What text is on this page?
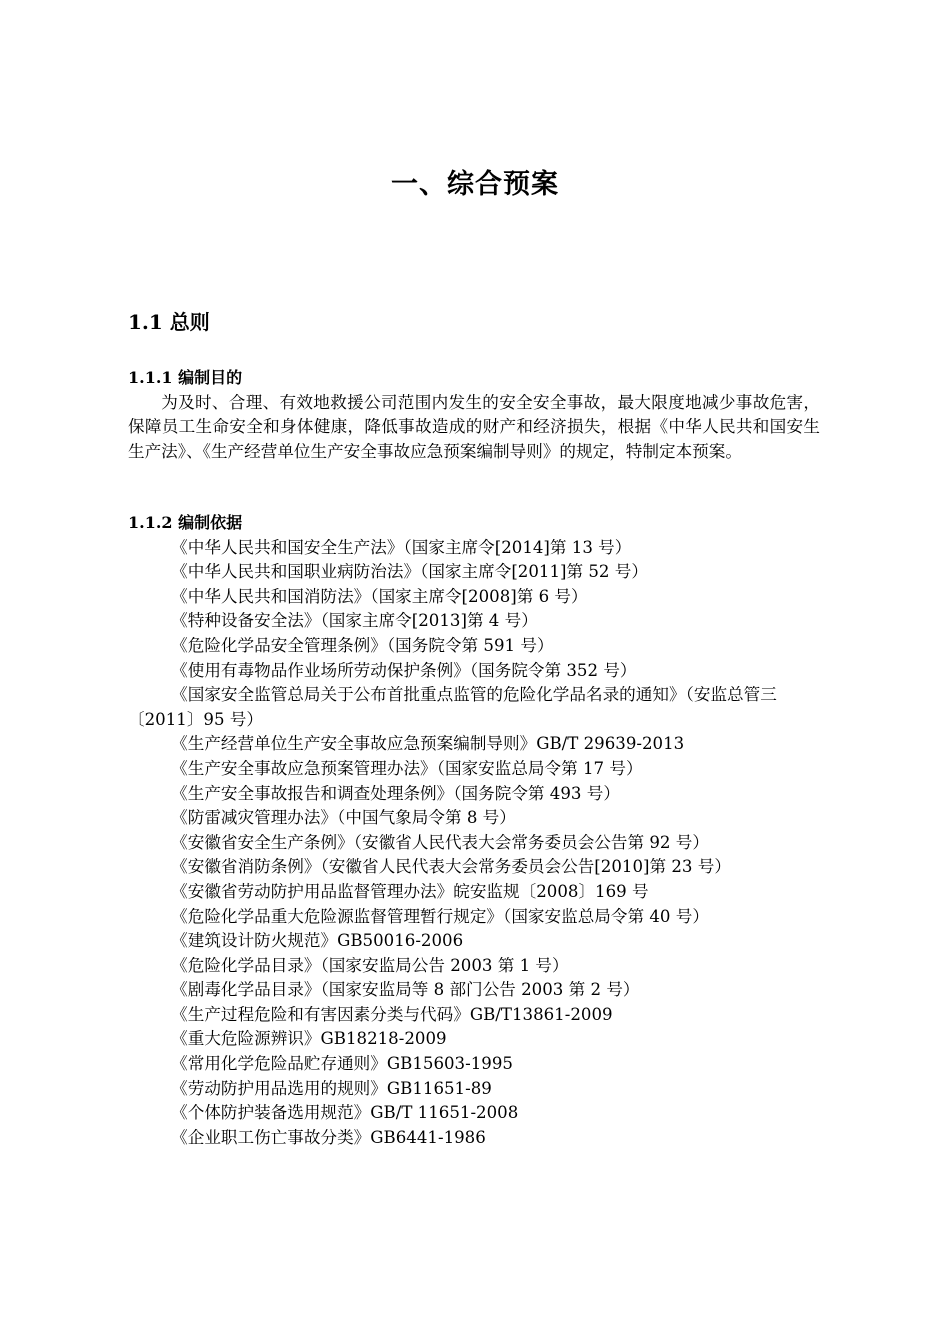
一、综合预案
1.1 总则
1.1.1 编制目的

为及时、合理、有效地救援公司范围内发生的安全安全事故，最大限度地减少事故危害，保障员工生命安全和身体健康，降低事故造成的财产和经济损失，根据《中华人民共和国安生生产法》、《生产经营单位生产安全事故应急预案编制导则》的规定，特制定本预案。

1.1.2 编制依据
《中华人民共和国安全生产法》（国家主席令[2014]第 13 号）
《中华人民共和国职业病防治法》（国家主席令[2011]第 52 号）
《中华人民共和国消防法》（国家主席令[2008]第 6 号）
《特种设备安全法》（国家主席令[2013]第 4 号）
《危险化学品安全管理条例》（国务院令第 591 号）
《使用有毒物品作业场所劳动保护条例》（国务院令第 352 号）
《国家安全监管总局关于公布首批重点监管的危险化学品名录的通知》（安监总管三〔2011〕95 号）
《生产经营单位生产安全事故应急预案编制导则》GB/T 29639-2013
《生产安全事故应急预案管理办法》（国家安监总局令第 17 号）
《生产安全事故报告和调查处理条例》（国务院令第 493 号）
《防雷减灾管理办法》（中国气象局令第 8 号）
《安徽省安全生产条例》（安徽省人民代表大会常务委员会公告第 92 号）
《安徽省消防条例》（安徽省人民代表大会常务委员会公告[2010]第 23 号）
《安徽省劳动防护用品监督管理办法》皖安监规〔2008〕169 号
《危险化学品重大危险源监督管理暂行规定》（国家安监总局令第 40 号）
《建筑设计防火规范》GB50016-2006
《危险化学品目录》（国家安监局公告 2003 第 1 号）
《剧毒化学品目录》（国家安监局等 8 部门公告 2003 第 2 号）
《生产过程危险和有害因素分类与代码》GB/T13861-2009
《重大危险源辨识》GB18218-2009
《常用化学危险品贮存通则》GB15603-1995
《劳动防护用品选用的规则》GB11651-89
《个体防护装备选用规范》GB/T 11651-2008
《企业职工伤亡事故分类》GB6441-1986
